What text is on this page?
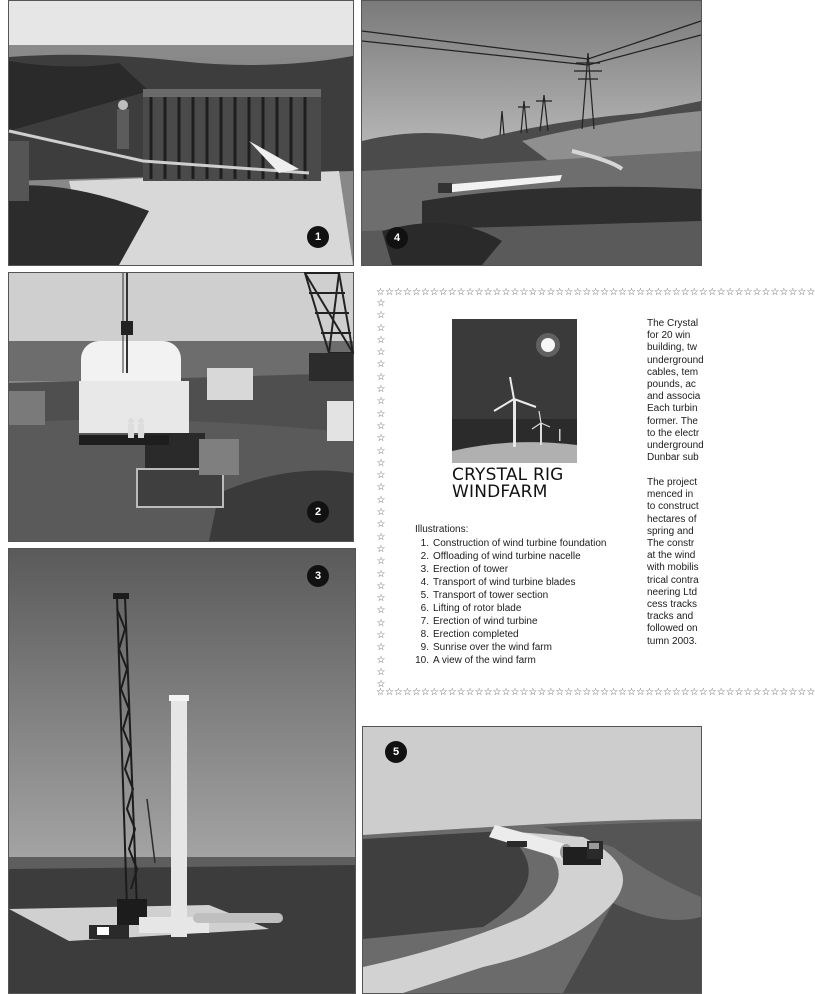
1
2
3
4
5
☆☆☆☆☆☆☆☆☆☆☆☆☆☆☆☆☆☆☆☆☆☆☆☆☆☆☆☆☆☆☆☆☆☆☆☆☆☆☆☆☆☆☆☆☆☆☆☆☆
☆☆☆☆☆☆☆☆☆☆☆☆☆☆☆☆☆☆☆☆☆☆☆☆☆☆☆☆☆☆☆☆☆☆☆☆☆☆☆☆☆☆☆☆☆☆☆☆☆
☆
☆
☆
☆
☆
☆
☆
☆
☆
☆
☆
☆
☆
☆
☆
☆
☆
☆
☆
☆
☆
☆
☆
☆
☆
☆
☆
☆
☆
☆
☆
☆
CRYSTAL RIG
WINDFARM
Illustrations:
1. Construction of wind turbine foundation
2. Offloading of wind turbine nacelle
3. Erection of tower
4. Transport of wind turbine blades
5. Transport of tower section
6. Lifting of rotor blade
7. Erection of wind turbine
8. Erection completed
9. Sunrise over the wind farm
10. A view of the wind farm
The Crystal
for 20 win
building, tw
underground
cables, tem
pounds, ac
and associa
Each turbin
former. The
to the electr
underground
Dunbar sub
The project
menced in
to construct
hectares of
spring and
The constr
at the wind
with mobilis
trical contra
neering Ltd
cess tracks
tracks and
followed on
tumn 2003.
